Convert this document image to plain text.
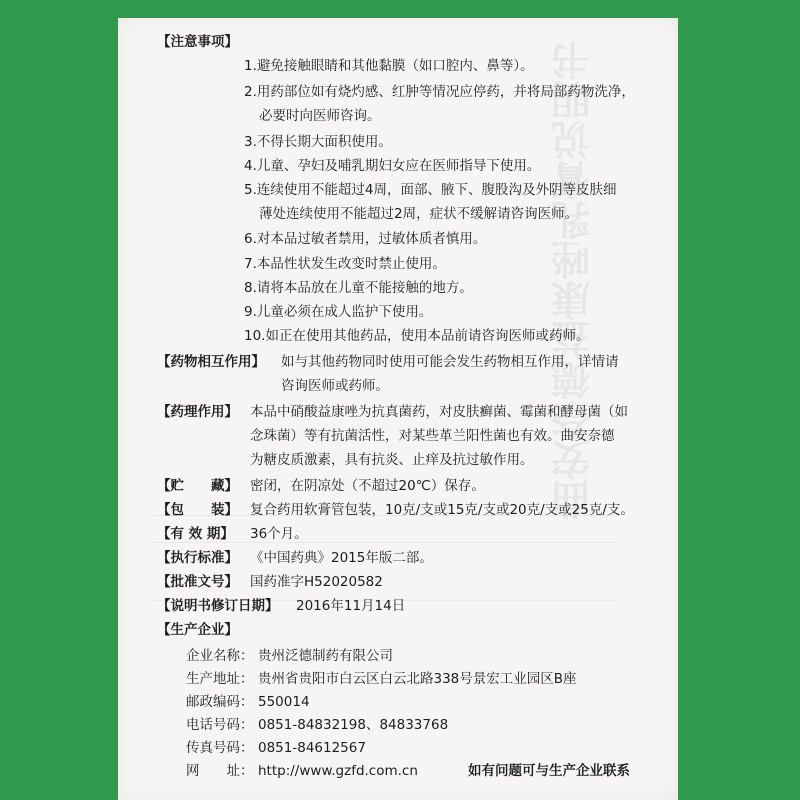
【注意事项】
1.避免接触眼睛和其他黏膜（如口腔内、鼻等）。
2.用药部位如有烧灼感、红肿等情况应停药，并将局部药物洗净，
必要时向医师咨询。
3.不得长期大面积使用。
4.儿童、孕妇及哺乳期妇女应在医师指导下使用。
5.连续使用不能超过4周，面部、腋下、腹股沟及外阴等皮肤细
薄处连续使用不能超过2周，症状不缓解请咨询医师。
6.对本品过敏者禁用，过敏体质者慎用。
7.本品性状发生改变时禁止使用。
8.请将本品放在儿童不能接触的地方。
9.儿童必须在成人监护下使用。
10.如正在使用其他药品，使用本品前请咨询医师或药师。
【药物相互作用】 如与其他药物同时使用可能会发生药物相互作用，详情请
咨询医师或药师。
【药理作用】 本品中硝酸益康唑为抗真菌药，对皮肤癣菌、霉菌和酵母菌（如
念珠菌）等有抗菌活性，对某些革兰阳性菌也有效。曲安奈德
为糖皮质激素，具有抗炎、止痒及抗过敏作用。
【贮　　藏】 密闭，在阴凉处（不超过20℃）保存。
【包　　装】 复合药用软膏管包装，10克/支或15克/支或20克/支或25克/支。
【有 效 期】 36个月。
【执行标准】 《中国药典》2015年版二部。
【批准文号】 国药准字H52020582
【说明书修订日期】 2016年11月14日
【生产企业】
企业名称： 贵州泛德制药有限公司
生产地址： 贵州省贵阳市白云区白云北路338号景宏工业园区B座
邮政编码： 550014
电话号码： 0851-84832198、84833768
传真号码： 0851-84612567
网　　址： http://www.gzfd.com.cn	如有问题可与生产企业联系
